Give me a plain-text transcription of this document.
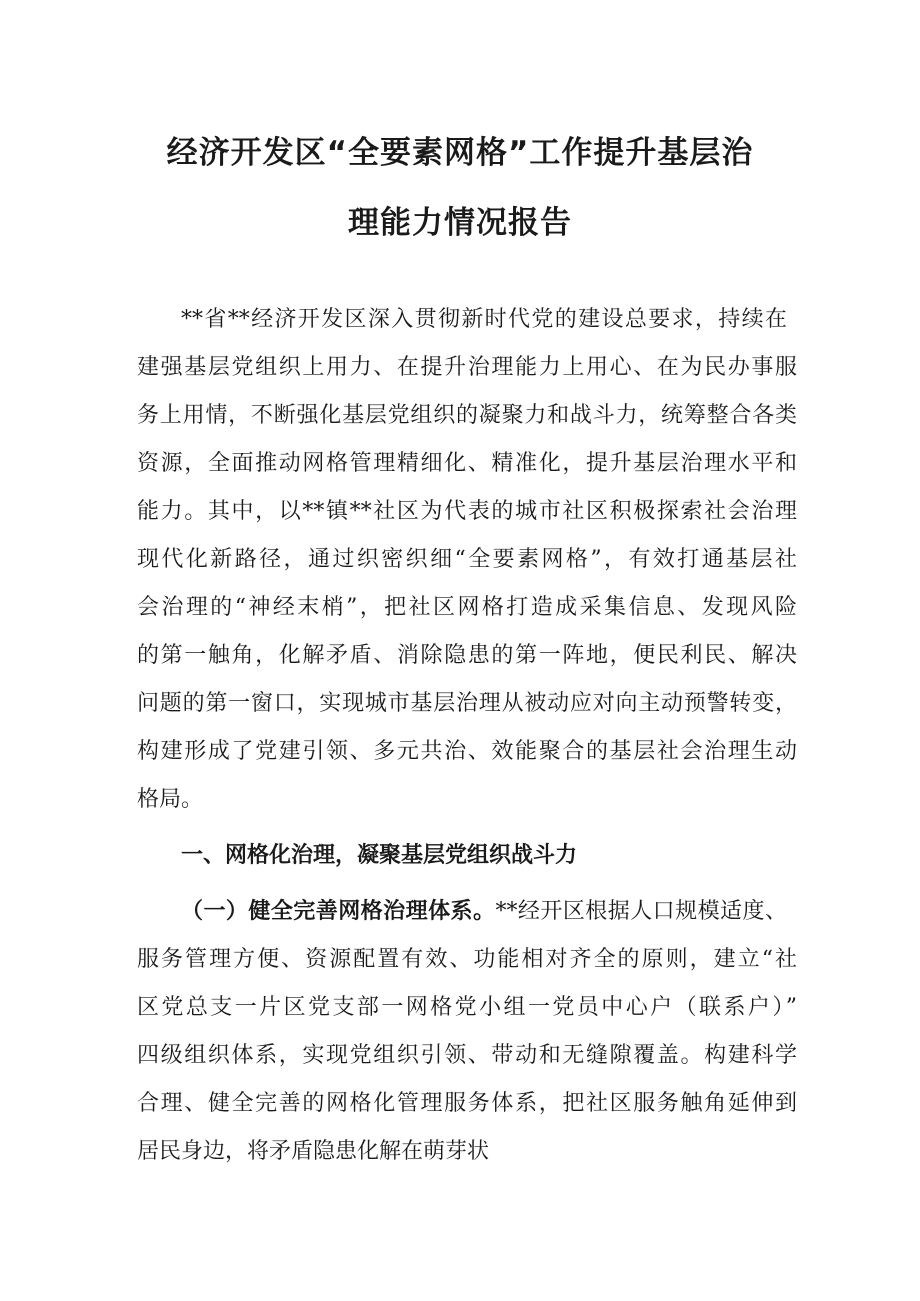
经济开发区“全要素网格”工作提升基层治
理能力情况报告
**省**经济开发区深入贯彻新时代党的建设总要求，持续在
建强基层党组织上用力、在提升治理能力上用心、在为民办事服
务上用情，不断强化基层党组织的凝聚力和战斗力，统筹整合各类
资源，全面推动网格管理精细化、精准化，提升基层治理水平和
能力。其中，以**镇**社区为代表的城市社区积极探索社会治理
现代化新路径，通过织密织细“全要素网格”，有效打通基层社
会治理的“神经末梢”，把社区网格打造成采集信息、发现风险
的第一触角，化解矛盾、消除隐患的第一阵地，便民利民、解决
问题的第一窗口，实现城市基层治理从被动应对向主动预警转变，
构建形成了党建引领、多元共治、效能聚合的基层社会治理生动
格局。
一、网格化治理，凝聚基层党组织战斗力
（一）健全完善网格治理体系。**经开区根据人口规模适度、
服务管理方便、资源配置有效、功能相对齐全的原则，建立“社
区党总支一片区党支部一网格党小组一党员中心户（联系户）”
四级组织体系，实现党组织引领、带动和无缝隙覆盖。构建科学
合理、健全完善的网格化管理服务体系，把社区服务触角延伸到
居民身边，将矛盾隐患化解在萌芽状
